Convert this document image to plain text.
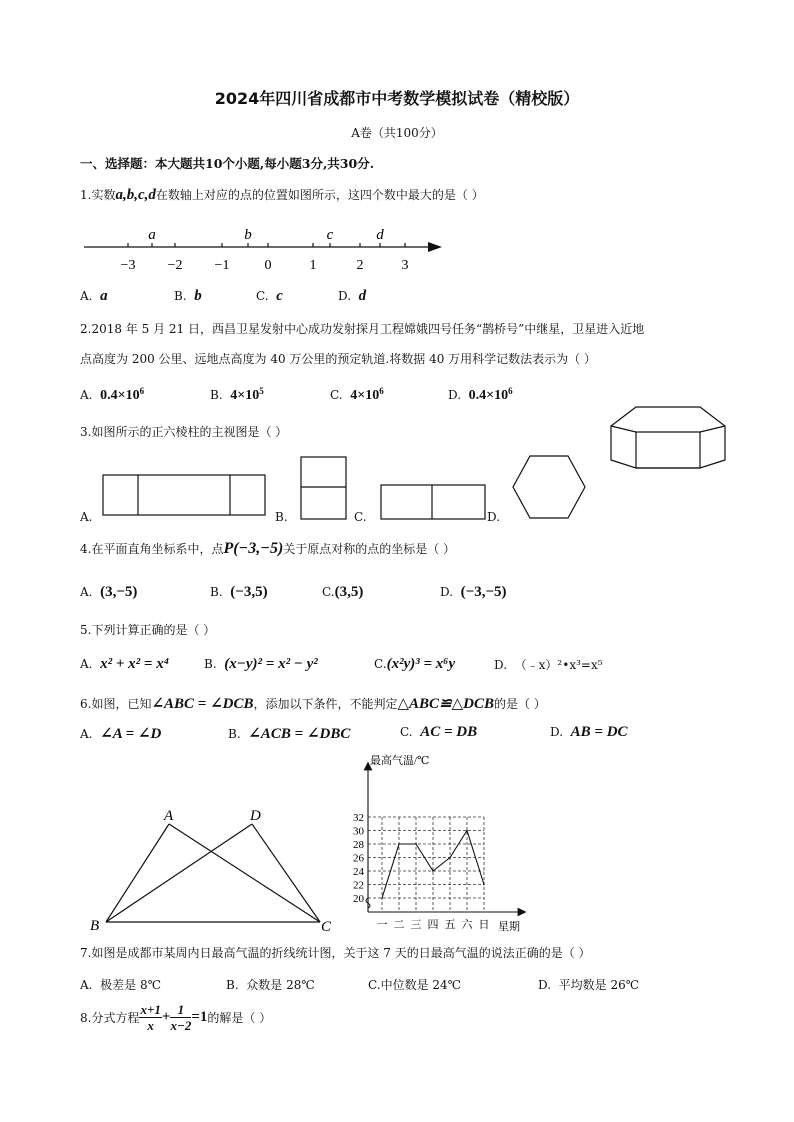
2024年四川省成都市中考数学模拟试卷（精校版）
A卷（共100分）
一、选择题：本大题共10个小题,每小题3分,共30分.
1.实数a,b,c,d在数轴上对应的点的位置如图所示，这四个数中最大的是（ ）
−3 −2 −1	0	1	2	3
a	b	c	d
A. a	B. b	C. c	D. d
2.2018 年 5 月 21 日，西昌卫星发射中心成功发射探月工程嫦娥四号任务“鹊桥号”中继星，卫星进入近地
点高度为 200 公里、远地点高度为 40 万公里的预定轨道.将数据 40 万用科学记数法表示为（ ）
A. $0.4\times 10^6$	B. $4\times 10^5$	C. $4\times 10^6$	D. $0.4\times 10^6$
3.如图所示的正六棱柱的主视图是（ ）
A.	B.	C.	D.
4.在平面直角坐标系中，点P(−3,−5)关于原点对称的点的坐标是（ ）
A. (3,−5)	B. (−3,5)	C.(3,5)	D. (−3,−5)
5.下列计算正确的是（ ）
A. x² + x² = x⁴	B. (x−y)² = x² − y²	C.(x²y)³ = x⁶y	D. （﹣x）²•x³=x⁵
6.如图，已知∠ABC = ∠DCB，添加以下条件，不能判定△ABC≌△DCB的是（ ）
A. ∠A = ∠D	B. ∠ACB = ∠DBC	C. AC = DB	D. AB = DC
A	D
B	C
最高气温/℃
星期
20
22
24
26
28
30
32
一 二 三 四 五 六 日
7.如图是成都市某周内日最高气温的折线统计图，关于这 7 天的日最高气温的说法正确的是（ ）
A. 极差是 8℃	B. 众数是 28℃	C.中位数是 24℃	D. 平均数是 26℃
8.分式方程 $\frac{x+1}{x} + \frac{1}{x-2} =1$的解是（ ）
